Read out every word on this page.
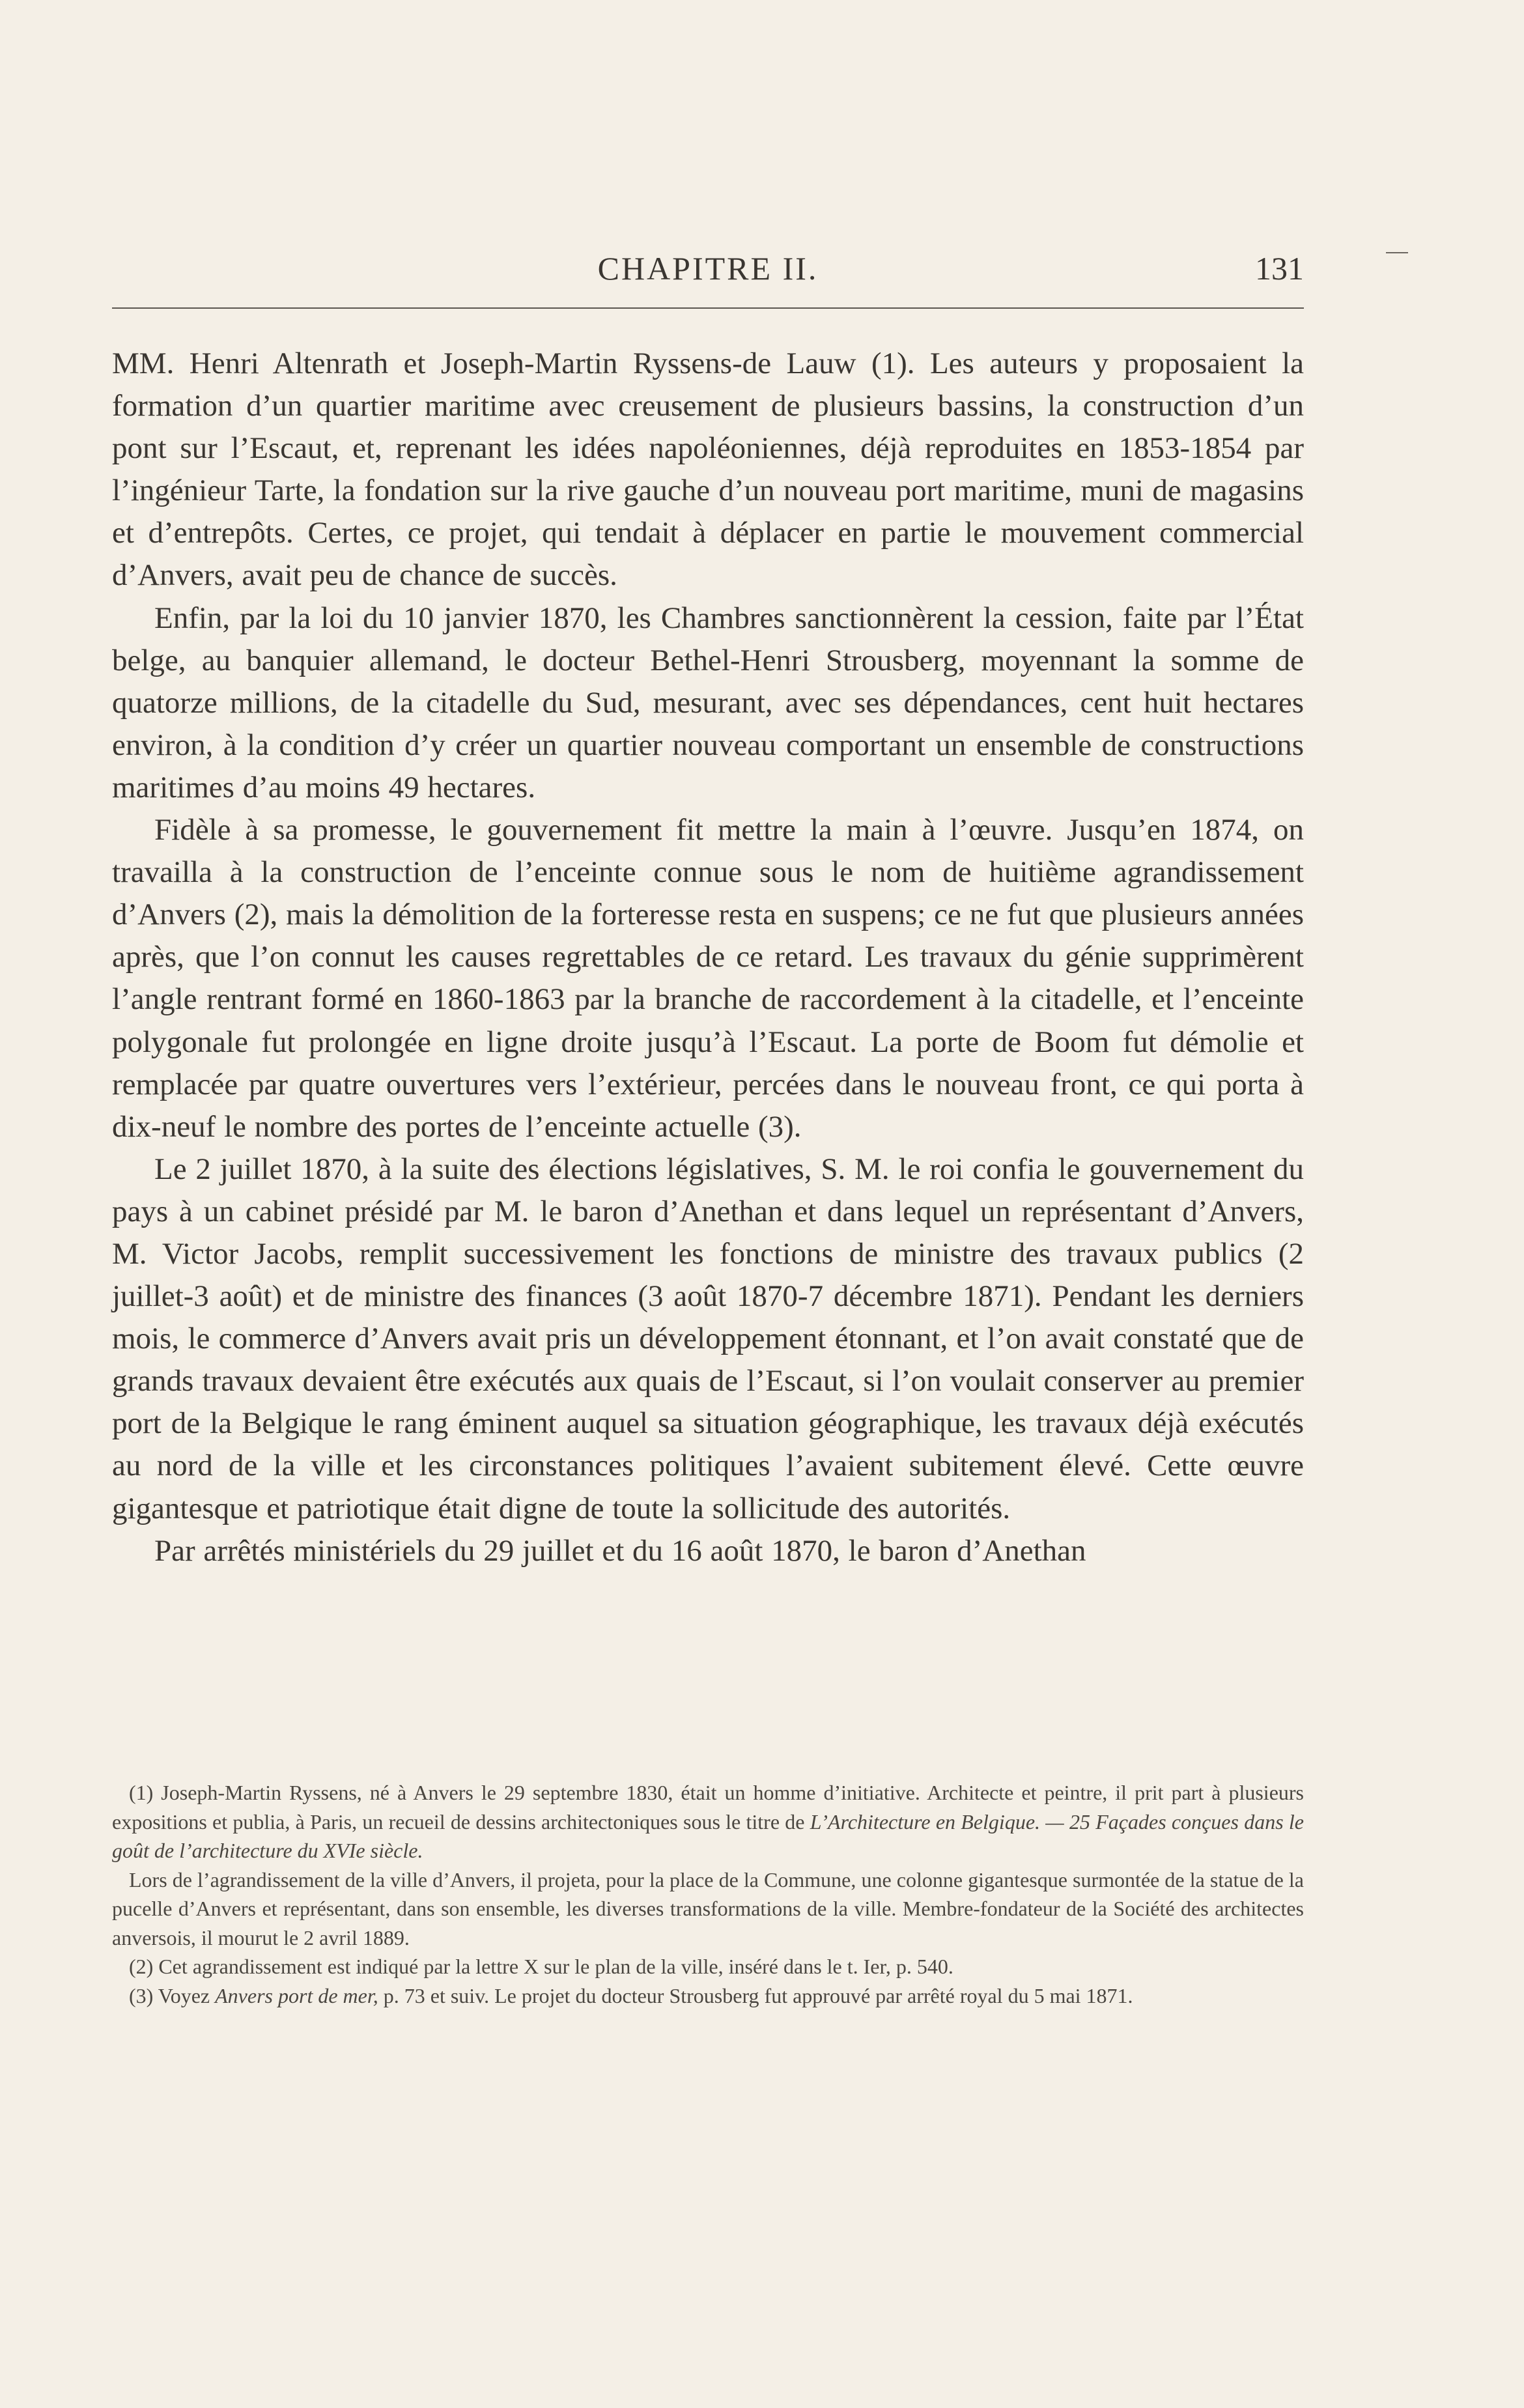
CHAPITRE II.	131

MM. Henri Altenrath et Joseph-Martin Ryssens-de Lauw (1). Les auteurs y proposaient la formation d’un quartier maritime avec creusement de plusieurs bassins, la construction d’un pont sur l’Escaut, et, reprenant les idées napoléoniennes, déjà reproduites en 1853-1854 par l’ingénieur Tarte, la fondation sur la rive gauche d’un nouveau port maritime, muni de magasins et d’entrepôts. Certes, ce projet, qui tendait à déplacer en partie le mouvement commercial d’Anvers, avait peu de chance de succès.

Enfin, par la loi du 10 janvier 1870, les Chambres sanctionnèrent la cession, faite par l’État belge, au banquier allemand, le docteur Bethel-Henri Strousberg, moyennant la somme de quatorze millions, de la citadelle du Sud, mesurant, avec ses dépendances, cent huit hectares environ, à la condition d’y créer un quartier nouveau comportant un ensemble de constructions maritimes d’au moins 49 hectares.

Fidèle à sa promesse, le gouvernement fit mettre la main à l’œuvre. Jusqu’en 1874, on travailla à la construction de l’enceinte connue sous le nom de huitième agrandissement d’Anvers (2), mais la démolition de la forteresse resta en suspens; ce ne fut que plusieurs années après, que l’on connut les causes regrettables de ce retard. Les travaux du génie supprimèrent l’angle rentrant formé en 1860-1863 par la branche de raccordement à la citadelle, et l’enceinte polygonale fut prolongée en ligne droite jusqu’à l’Escaut. La porte de Boom fut démolie et remplacée par quatre ouvertures vers l’extérieur, percées dans le nouveau front, ce qui porta à dix-neuf le nombre des portes de l’enceinte actuelle (3).

Le 2 juillet 1870, à la suite des élections législatives, S. M. le roi confia le gouvernement du pays à un cabinet présidé par M. le baron d’Anethan et dans lequel un représentant d’Anvers, M. Victor Jacobs, remplit successivement les fonctions de ministre des travaux publics (2 juillet-3 août) et de ministre des finances (3 août 1870-7 décembre 1871). Pendant les derniers mois, le commerce d’Anvers avait pris un développement étonnant, et l’on avait constaté que de grands travaux devaient être exécutés aux quais de l’Escaut, si l’on voulait conserver au premier port de la Belgique le rang éminent auquel sa situation géographique, les travaux déjà exécutés au nord de la ville et les circonstances politiques l’avaient subitement élevé. Cette œuvre gigantesque et patriotique était digne de toute la sollicitude des autorités.

Par arrêtés ministériels du 29 juillet et du 16 août 1870, le baron d’Anethan

(1) Joseph-Martin Ryssens, né à Anvers le 29 septembre 1830, était un homme d’initiative. Architecte et peintre, il prit part à plusieurs expositions et publia, à Paris, un recueil de dessins architectoniques sous le titre de L’Architecture en Belgique. — 25 Façades conçues dans le goût de l’architecture du XVIe siècle.

Lors de l’agrandissement de la ville d’Anvers, il projeta, pour la place de la Commune, une colonne gigantesque surmontée de la statue de la pucelle d’Anvers et représentant, dans son ensemble, les diverses transformations de la ville. Membre-fondateur de la Société des architectes anversois, il mourut le 2 avril 1889.

(2) Cet agrandissement est indiqué par la lettre X sur le plan de la ville, inséré dans le t. Ier, p. 540.

(3) Voyez Anvers port de mer, p. 73 et suiv. Le projet du docteur Strousberg fut approuvé par arrêté royal du 5 mai 1871.
